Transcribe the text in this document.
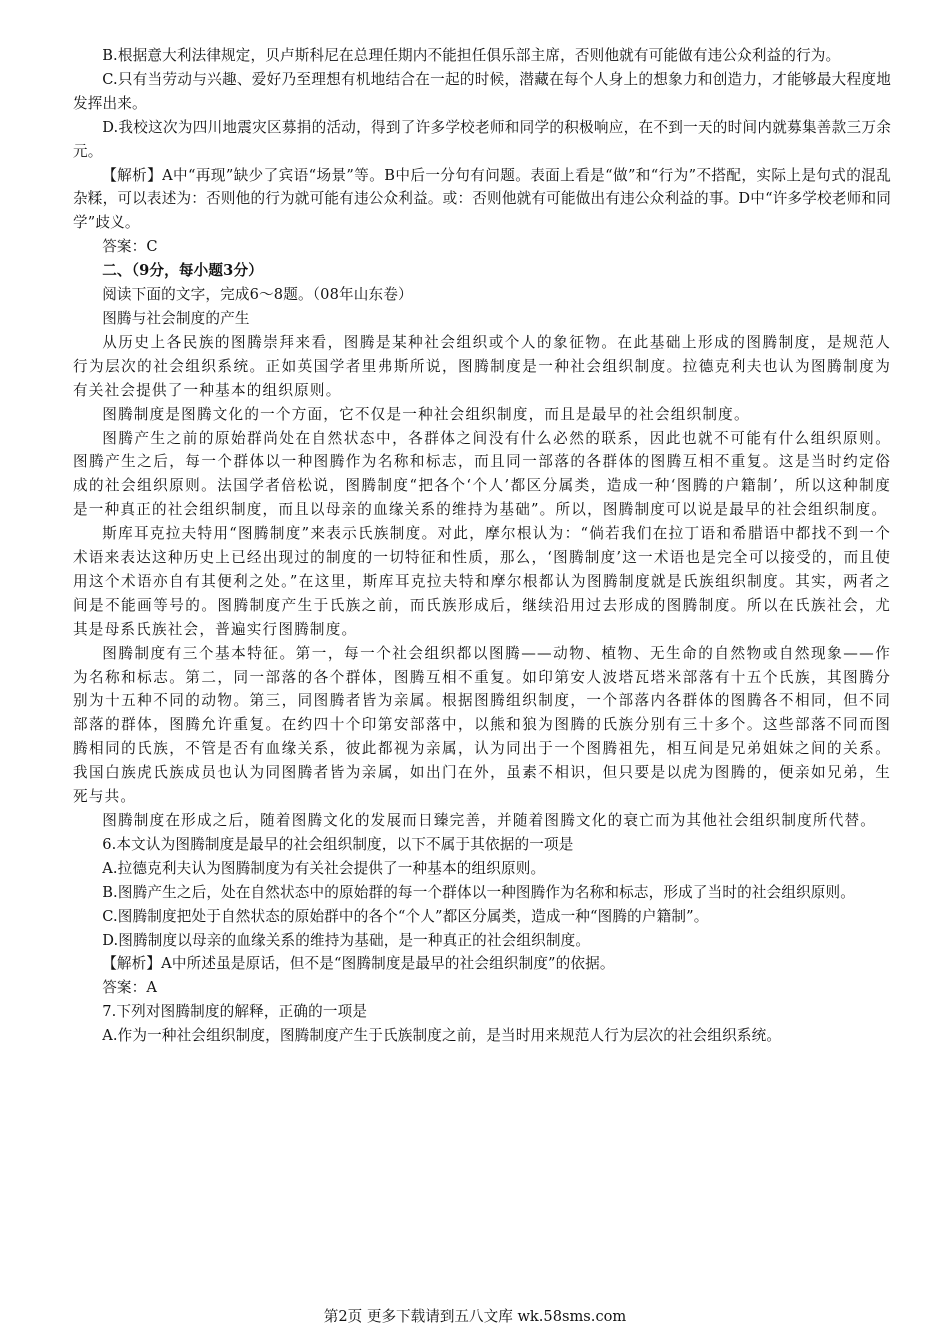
B.根据意大利法律规定，贝卢斯科尼在总理任期内不能担任俱乐部主席，否则他就有可能做有违公众利益的行为。

C.只有当劳动与兴趣、爱好乃至理想有机地结合在一起的时候，潜藏在每个人身上的想象力和创造力，才能够最大程度地发挥出来。

D.我校这次为四川地震灾区募捐的活动，得到了许多学校老师和同学的积极响应，在不到一天的时间内就募集善款三万余元。

【解析】A中“再现”缺少了宾语“场景”等。B中后一分句有问题。表面上看是“做”和“行为”不搭配，实际上是句式的混乱杂糅，可以表述为：否则他的行为就可能有违公众利益。或：否则他就有可能做出有违公众利益的事。D中“许多学校老师和同学”歧义。

答案：C

二、（9分，每小题3分）

阅读下面的文字，完成6～8题。（08年山东卷）

图腾与社会制度的产生

从历史上各民族的图腾崇拜来看，图腾是某种社会组织或个人的象征物。在此基础上形成的图腾制度，是规范人行为层次的社会组织系统。正如英国学者里弗斯所说，图腾制度是一种社会组织制度。拉德克利夫也认为图腾制度为有关社会提供了一种基本的组织原则。

图腾制度是图腾文化的一个方面，它不仅是一种社会组织制度，而且是最早的社会组织制度。

图腾产生之前的原始群尚处在自然状态中，各群体之间没有什么必然的联系，因此也就不可能有什么组织原则。图腾产生之后，每一个群体以一种图腾作为名称和标志，而且同一部落的各群体的图腾互相不重复。这是当时约定俗成的社会组织原则。法国学者倍松说，图腾制度“把各个‘个人’都区分属类，造成一种‘图腾的户籍制’，所以这种制度是一种真正的社会组织制度，而且以母亲的血缘关系的维持为基础”。所以，图腾制度可以说是最早的社会组织制度。

斯库耳克拉夫特用“图腾制度”来表示氏族制度。对此，摩尔根认为：“倘若我们在拉丁语和希腊语中都找不到一个术语来表达这种历史上已经出现过的制度的一切特征和性质，那么，‘图腾制度’这一术语也是完全可以接受的，而且使用这个术语亦自有其便利之处。”在这里，斯库耳克拉夫特和摩尔根都认为图腾制度就是氏族组织制度。其实，两者之间是不能画等号的。图腾制度产生于氏族之前，而氏族形成后，继续沿用过去形成的图腾制度。所以在氏族社会，尤其是母系氏族社会，普遍实行图腾制度。

图腾制度有三个基本特征。第一，每一个社会组织都以图腾——动物、植物、无生命的自然物或自然现象——作为名称和标志。第二，同一部落的各个群体，图腾互相不重复。如印第安人波塔瓦塔米部落有十五个氏族，其图腾分别为十五种不同的动物。第三，同图腾者皆为亲属。根据图腾组织制度，一个部落内各群体的图腾各不相同，但不同部落的群体，图腾允许重复。在约四十个印第安部落中，以熊和狼为图腾的氏族分别有三十多个。这些部落不同而图腾相同的氏族，不管是否有血缘关系，彼此都视为亲属，认为同出于一个图腾祖先，相互间是兄弟姐妹之间的关系。我国白族虎氏族成员也认为同图腾者皆为亲属，如出门在外，虽素不相识，但只要是以虎为图腾的，便亲如兄弟，生死与共。

图腾制度在形成之后，随着图腾文化的发展而日臻完善，并随着图腾文化的衰亡而为其他社会组织制度所代替。

6.本文认为图腾制度是最早的社会组织制度，以下不属于其依据的一项是

A.拉德克利夫认为图腾制度为有关社会提供了一种基本的组织原则。

B.图腾产生之后，处在自然状态中的原始群的每一个群体以一种图腾作为名称和标志，形成了当时的社会组织原则。

C.图腾制度把处于自然状态的原始群中的各个“个人”都区分属类，造成一种“图腾的户籍制”。

D.图腾制度以母亲的血缘关系的维持为基础，是一种真正的社会组织制度。

【解析】A中所述虽是原话，但不是“图腾制度是最早的社会组织制度”的依据。

答案：A

7.下列对图腾制度的解释，正确的一项是

A.作为一种社会组织制度，图腾制度产生于氏族制度之前，是当时用来规范人行为层次的社会组织系统。

第2页 更多下载请到五八文库 wk.58sms.com
